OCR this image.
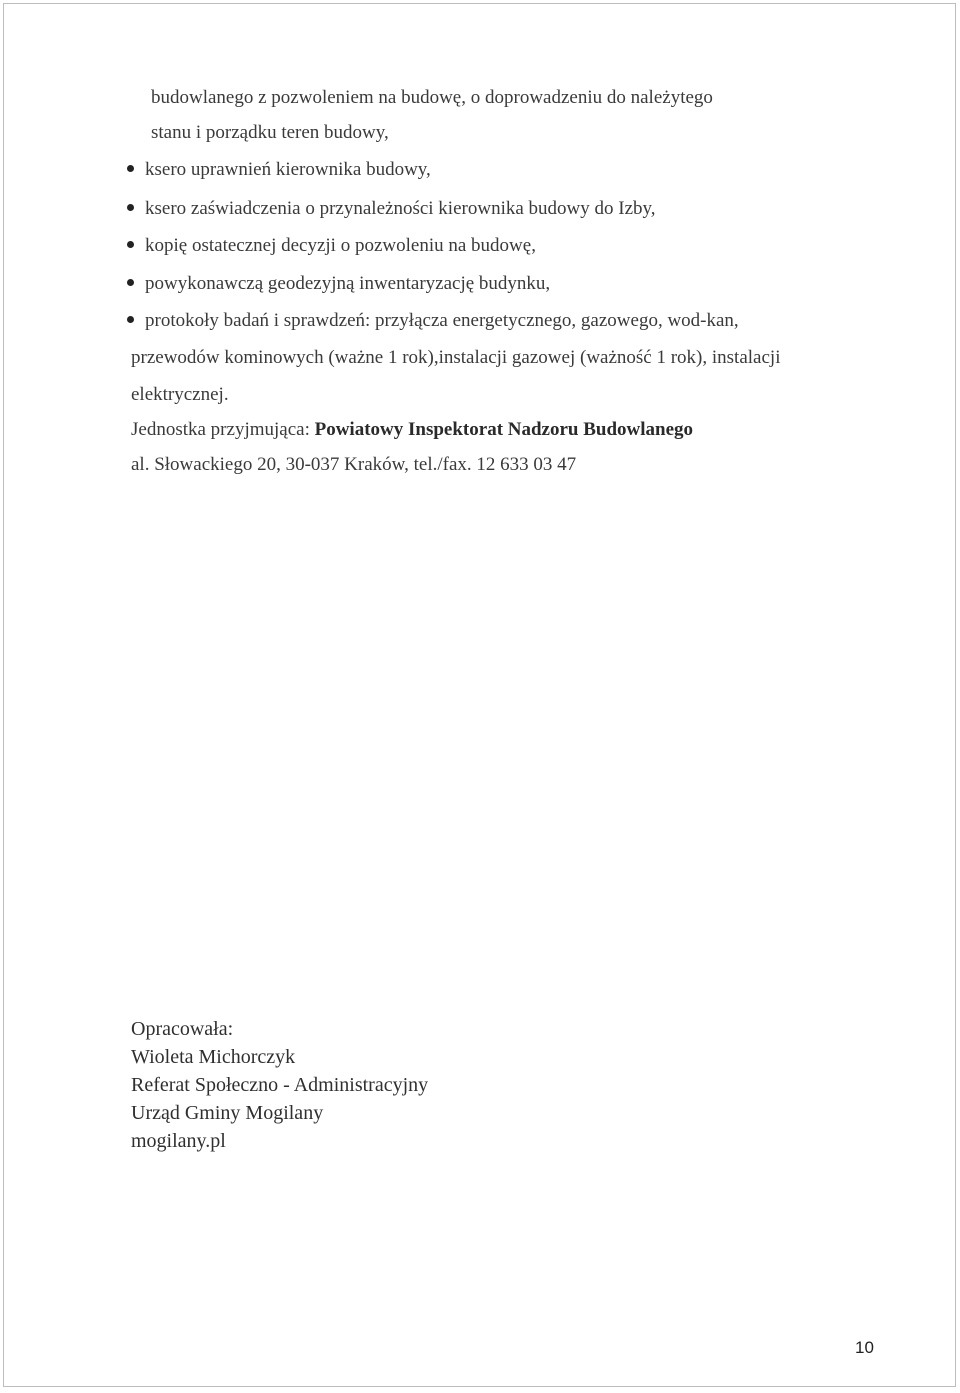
budowlanego z pozwoleniem na budowę, o doprowadzeniu do należytego
stanu i porządku teren budowy,
ksero uprawnień kierownika budowy,
ksero zaświadczenia o przynależności kierownika budowy do Izby,
kopię ostatecznej decyzji o pozwoleniu na budowę,
powykonawczą geodezyjną inwentaryzację budynku,
protokoły badań i sprawdzeń: przyłącza energetycznego, gazowego, wod-kan,
przewodów kominowych (ważne 1 rok),instalacji gazowej (ważność 1 rok), instalacji
elektrycznej.
Jednostka przyjmująca: Powiatowy Inspektorat Nadzoru Budowlanego
al. Słowackiego 20, 30-037 Kraków, tel./fax. 12 633 03 47
Opracowała:
Wioleta Michorczyk
Referat Społeczno - Administracyjny
Urząd Gminy Mogilany
mogilany.pl
10
